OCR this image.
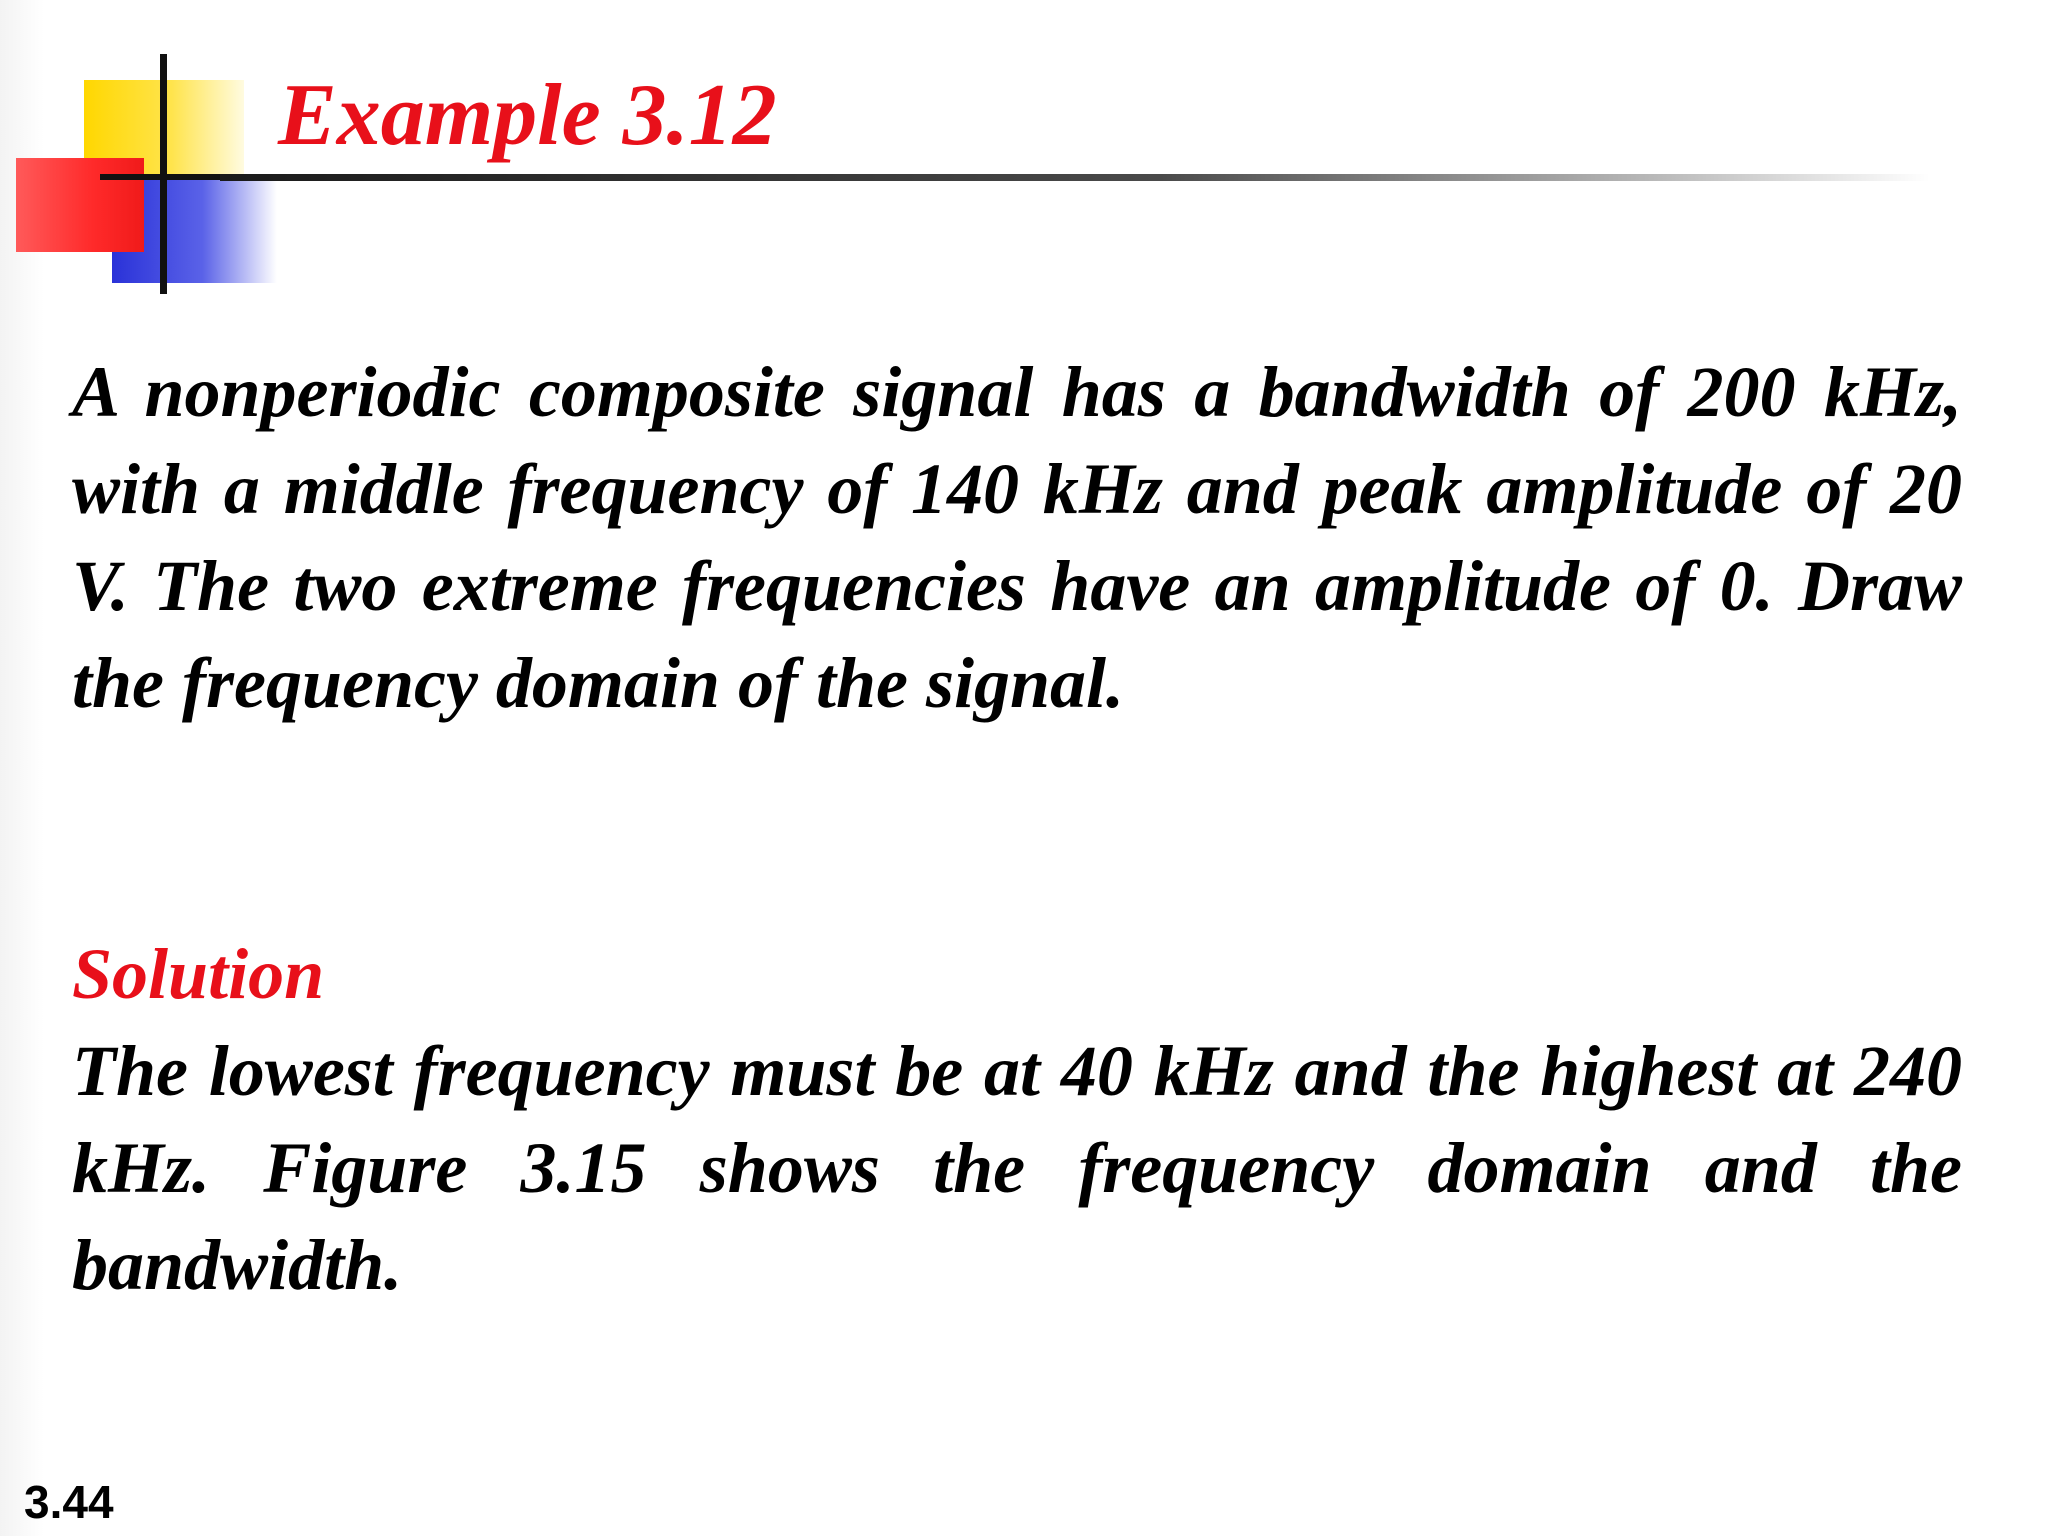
Example 3.12
A nonperiodic composite signal has a bandwidth of 200 kHz, with a middle frequency of 140 kHz and peak amplitude of 20 V. The two extreme frequencies have an amplitude of 0. Draw the frequency domain of the signal.
Solution
The lowest frequency must be at 40 kHz and the highest at 240 kHz. Figure 3.15 shows the frequency domain and the bandwidth.
3.44
